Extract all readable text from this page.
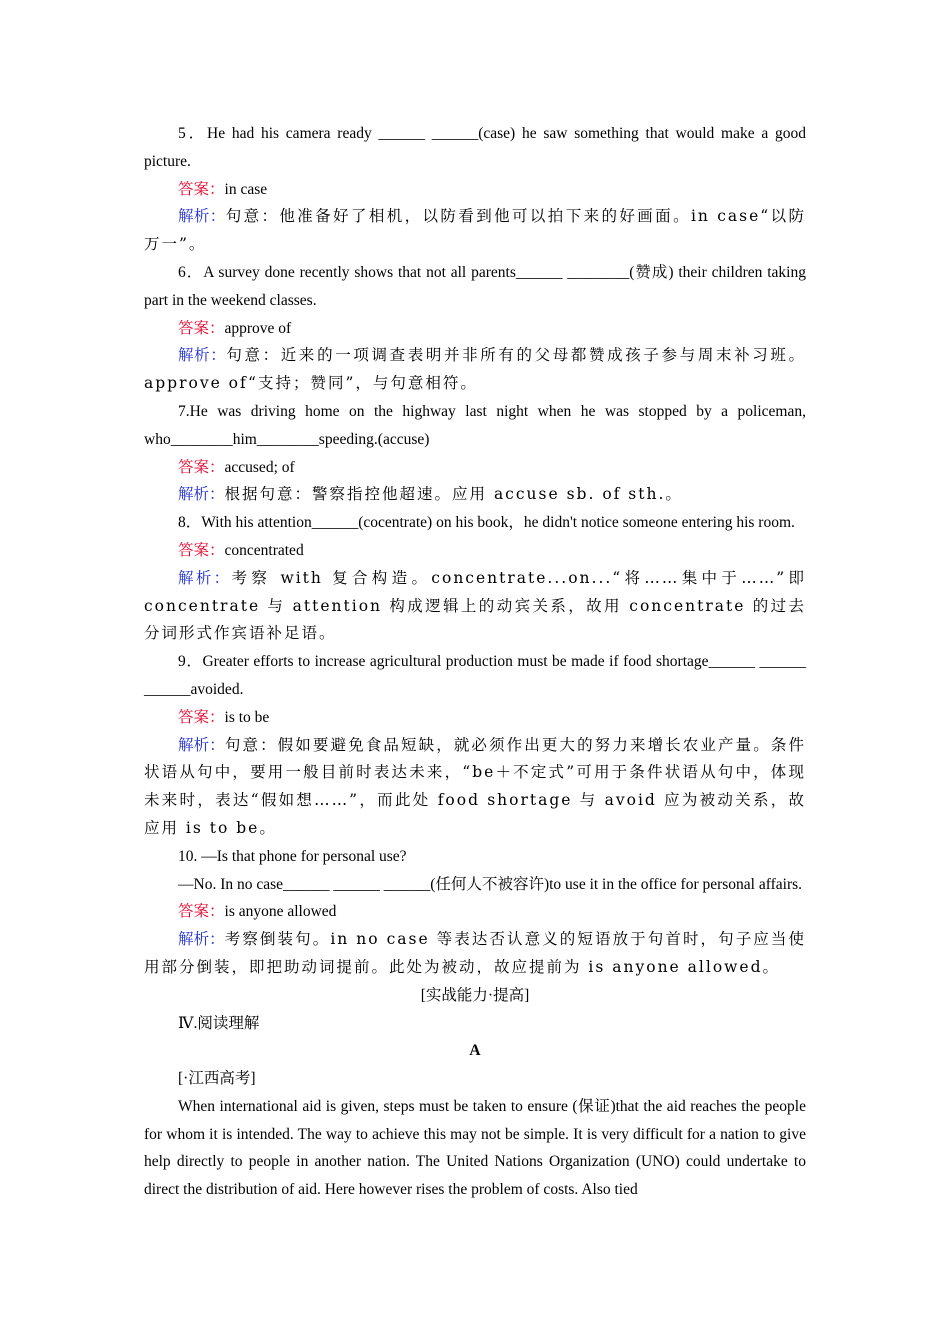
5．He had his camera ready ______ ______(case) he saw something that would make a good picture.

答案：in case

解析：句意：他准备好了相机，以防看到他可以拍下来的好画面。in case“以防万一”。

6．A survey done recently shows that not all parents______ ________(赞成) their children taking part in the weekend classes.

答案：approve of

解析：句意：近来的一项调查表明并非所有的父母都赞成孩子参与周末补习班。approve of“支持；赞同”，与句意相符。

7.He was driving home on the highway last night when he was stopped by a policeman, who________him________speeding.(accuse)

答案：accused; of

解析：根据句意：警察指控他超速。应用 accuse sb. of sth.。

8．With his attention______(cocentrate) on his book，he didn't notice someone entering his room.

答案：concentrated

解析：考察 with 复合构造。concentrate...on...“将……集中于……”即 concentrate 与 attention 构成逻辑上的动宾关系，故用 concentrate 的过去分词形式作宾语补足语。

9．Greater efforts to increase agricultural production must be made if food shortage______ ______ ______avoided.

答案：is to be

解析：句意：假如要避免食品短缺，就必须作出更大的努力来增长农业产量。条件状语从句中，要用一般目前时表达未来，“be＋不定式”可用于条件状语从句中，体现未来时，表达“假如想……”，而此处 food shortage 与 avoid 应为被动关系，故应用 is to be。

10. —Is that phone for personal use?

—No. In no case______ ______ ______(任何人不被容许)to use it in the office for personal affairs.

答案：is anyone allowed

解析：考察倒装句。in no case 等表达否认意义的短语放于句首时，句子应当使用部分倒装，即把助动词提前。此处为被动，故应提前为 is anyone allowed。

[实战能力·提高]

Ⅳ.阅读理解

A

[·江西高考]

When international aid is given, steps must be taken to ensure (保证)that the aid reaches the people for whom it is intended. The way to achieve this may not be simple. It is very difficult for a nation to give help directly to people in another nation. The United Nations Organization (UNO) could undertake to direct the distribution of aid. Here however rises the problem of costs. Also tied
